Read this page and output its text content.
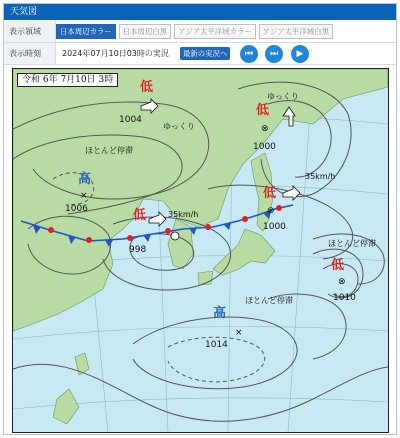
天気図
表示領域	日本周辺カラー	日本周辺白黒	アジア太平洋域カラー	アジア太平洋域白黒
表示時刻	2024年07月10日03時の実況	最新の実況へ	⏮	⏭	▶
低
1004
ゆっくり
低
⊗
1000
ゆっくり
低
⊗
1000
35km/h
低
998
35km/h
低
⊗
1010
ほとんど停滞
高
×
1006
ほとんど停滞
高
×
1014
ほとんど停滞
令和 6年 7月10日 3時
